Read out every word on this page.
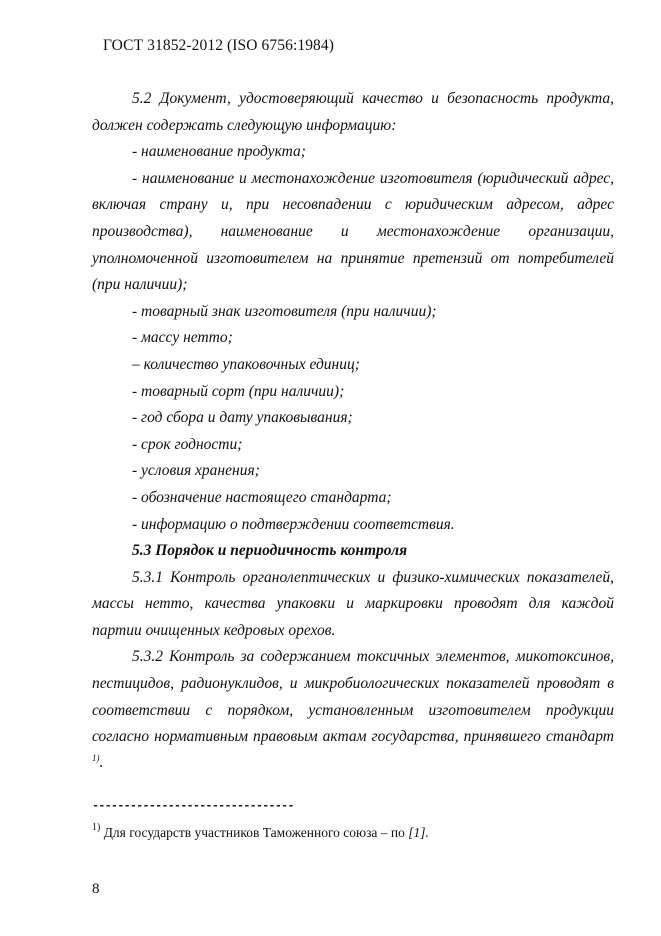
ГОСТ 31852-2012 (ISO 6756:1984)

5.2 Документ, удостоверяющий качество и безопасность продукта,

должен содержать следующую информацию:

- наименование продукта;

- наименование и местонахождение изготовителя (юридический адрес,

включая страну и, при несовпадении с юридическим адресом, адрес

производства), наименование и местонахождение организации,

уполномоченной изготовителем на принятие претензий от потребителей

(при наличии);

- товарный знак изготовителя (при наличии);

- массу нетто;

– количество упаковочных единиц;

- товарный сорт (при наличии);

- год сбора и дату упаковывания;

- срок годности;

- условия хранения;

- обозначение настоящего стандарта;

- информацию о подтверждении соответствия.

5.3 Порядок и периодичность контроля

5.3.1 Контроль органолептических и физико-химических показателей,

массы нетто, качества упаковки и маркировки проводят для каждой

партии очищенных кедровых орехов.

5.3.2 Контроль за содержанием токсичных элементов, микотоксинов,

пестицидов, радионуклидов, и микробиологических показателей проводят в

соответствии с порядком, установленным изготовителем продукции

согласно нормативным правовым актам государства, принявшего стандарт

$^{1)}$.

--------------------------------
$^{1)}$ Для государств участников Таможенного союза – по [1].
8
